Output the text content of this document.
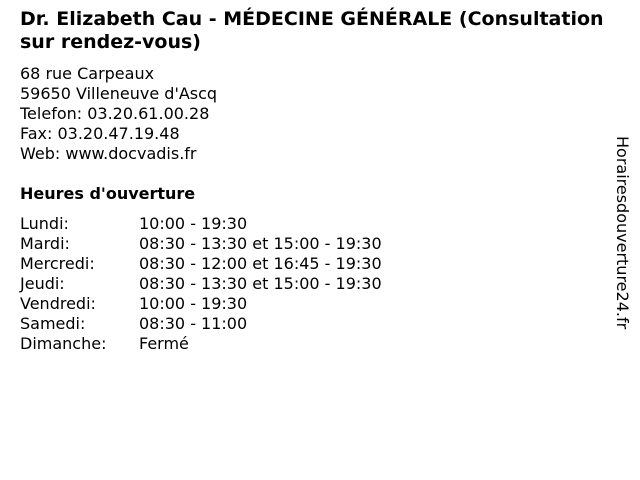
Dr. Elizabeth Cau - MÉDECINE GÉNÉRALE (Consultation sur rendez-vous)
68 rue Carpeaux
59650 Villeneuve d'Ascq
Telefon: 03.20.61.00.28
Fax: 03.20.47.19.48
Web: www.docvadis.fr
Heures d'ouverture
Lundi:	10:00 - 19:30
Mardi:	08:30 - 13:30 et 15:00 - 19:30
Mercredi:	08:30 - 12:00 et 16:45 - 19:30
Jeudi:	08:30 - 13:30 et 15:00 - 19:30
Vendredi:	10:00 - 19:30
Samedi:	08:30 - 11:00
Dimanche:	Fermé
Horairesdouverture24.fr
